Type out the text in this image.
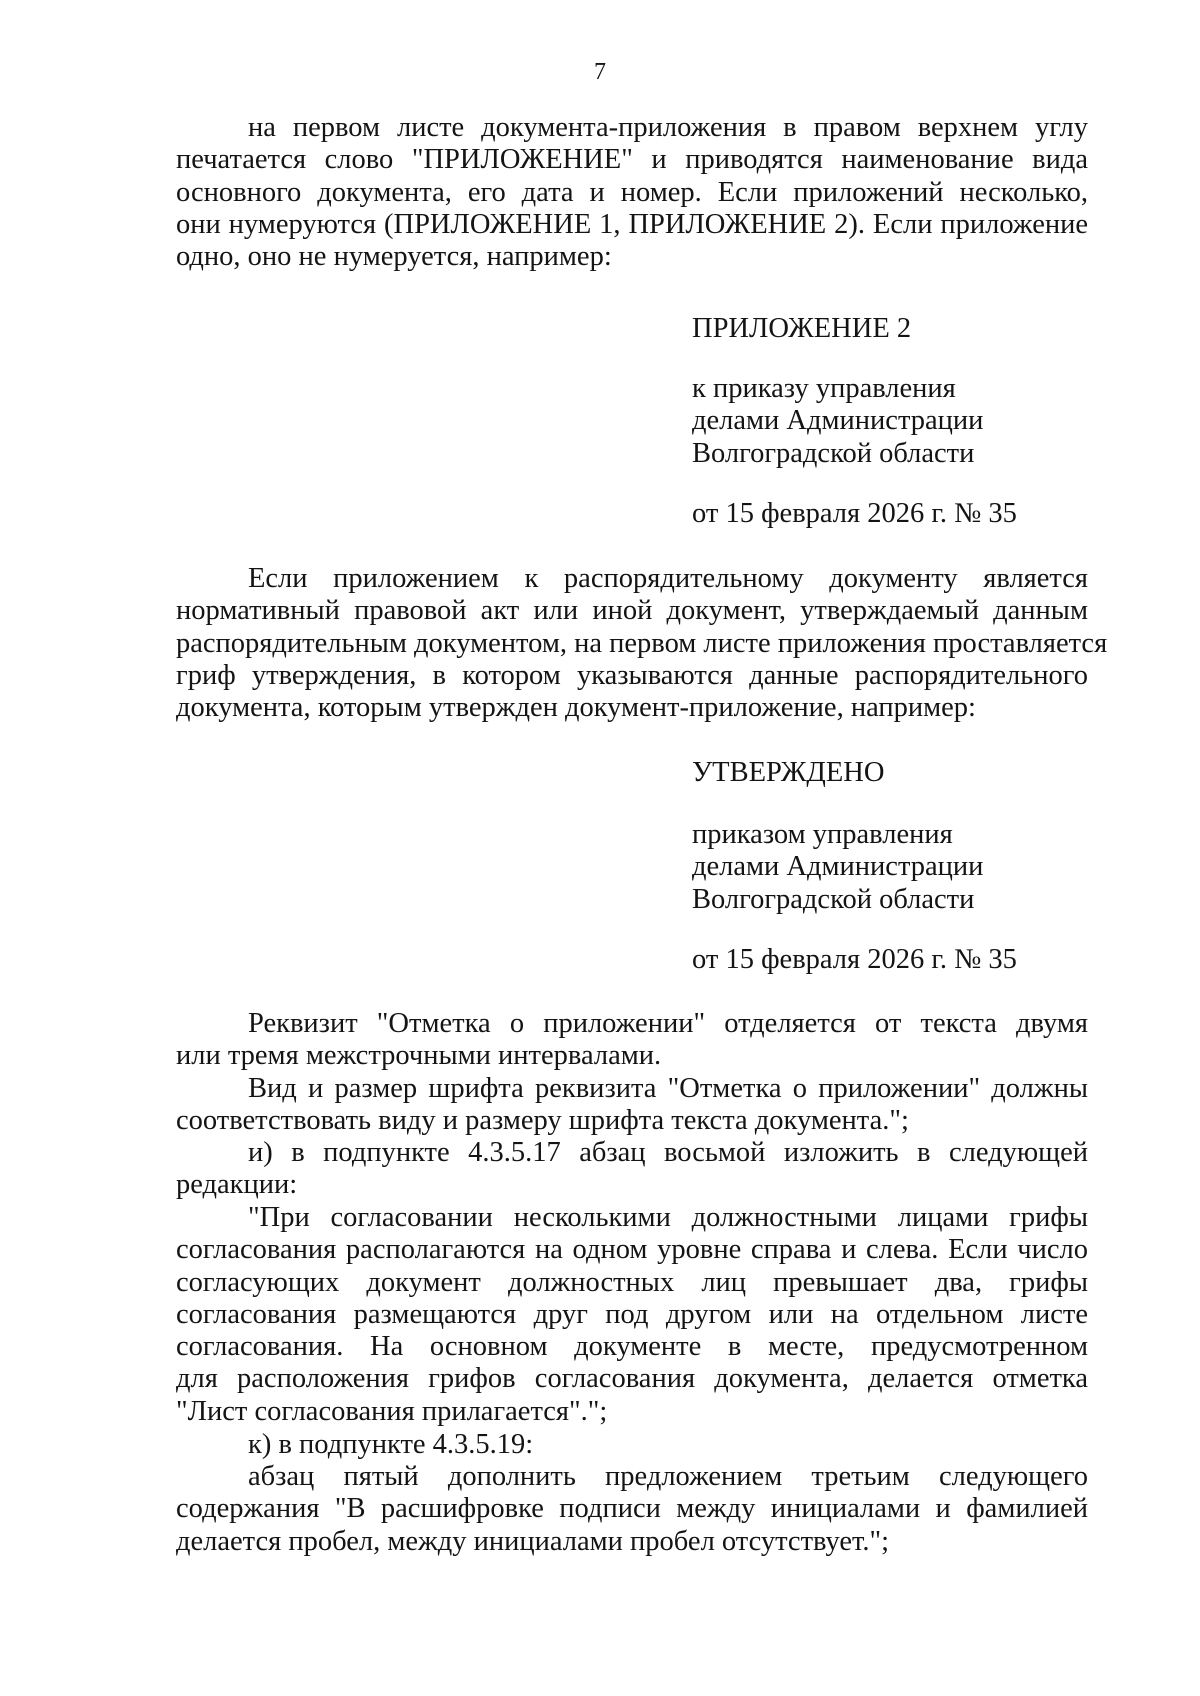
7
на первом листе документа-приложения в правом верхнем углу
печатается слово "ПРИЛОЖЕНИЕ" и приводятся наименование вида
основного документа, его дата и номер. Если приложений несколько,
они нумеруются (ПРИЛОЖЕНИЕ 1, ПРИЛОЖЕНИЕ 2). Если приложение
одно, оно не нумеруется, например:
ПРИЛОЖЕНИЕ 2
к приказу управления
делами Администрации
Волгоградской области
от 15 февраля 2026 г. № 35
Если приложением к распорядительному документу является
нормативный правовой акт или иной документ, утверждаемый данным
распорядительным документом, на первом листе приложения проставляется
гриф утверждения, в котором указываются данные распорядительного
документа, которым утвержден документ-приложение, например:
УТВЕРЖДЕНО
приказом управления
делами Администрации
Волгоградской области
от 15 февраля 2026 г. № 35
Реквизит "Отметка о приложении" отделяется от текста двумя
или тремя межстрочными интервалами.
Вид и размер шрифта реквизита "Отметка о приложении" должны
соответствовать виду и размеру шрифта текста документа.";
и) в подпункте 4.3.5.17 абзац восьмой изложить в следующей
редакции:
"При согласовании несколькими должностными лицами грифы
согласования располагаются на одном уровне справа и слева. Если число
согласующих документ должностных лиц превышает два, грифы
согласования размещаются друг под другом или на отдельном листе
согласования. На основном документе в месте, предусмотренном
для расположения грифов согласования документа, делается отметка
"Лист согласования прилагается".";
к) в подпункте 4.3.5.19:
абзац пятый дополнить предложением третьим следующего
содержания "В расшифровке подписи между инициалами и фамилией
делается пробел, между инициалами пробел отсутствует.";
